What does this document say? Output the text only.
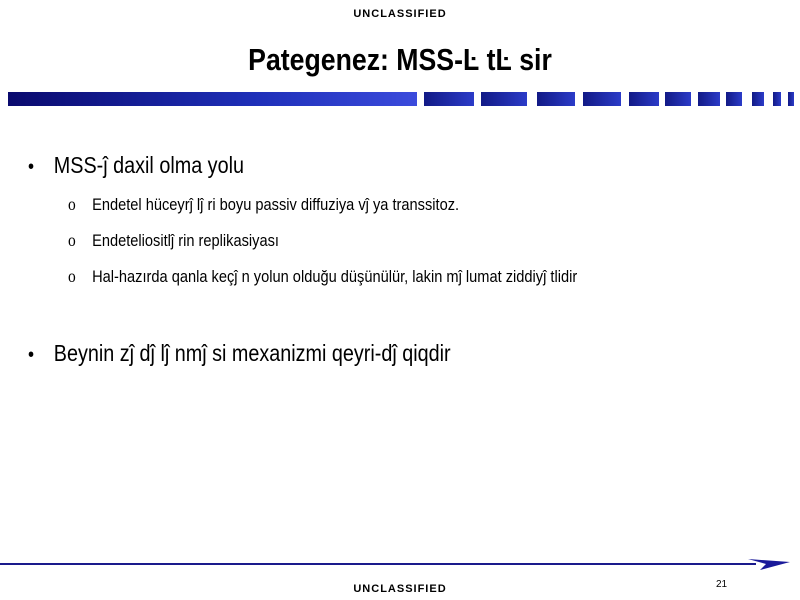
UNCLASSIFIED
Pategenez: MSS-Ŀ tĿ sir
• MSS-ĵ daxil olma yolu
o Endetel hüceyrĵ lĵ ri boyu passiv diffuziya vĵ ya transsitoz.
o Endeteliositlĵ rin replikasiyası
o Hal-hazırda qanla keçĵ n yolun olduğu düşünülür, lakin mĵ lumat ziddiyĵ tlidir
• Beynin zĵ dĵ lĵ nmĵ si mexanizmi qeyri-dĵ qiqdir
21
UNCLASSIFIED
